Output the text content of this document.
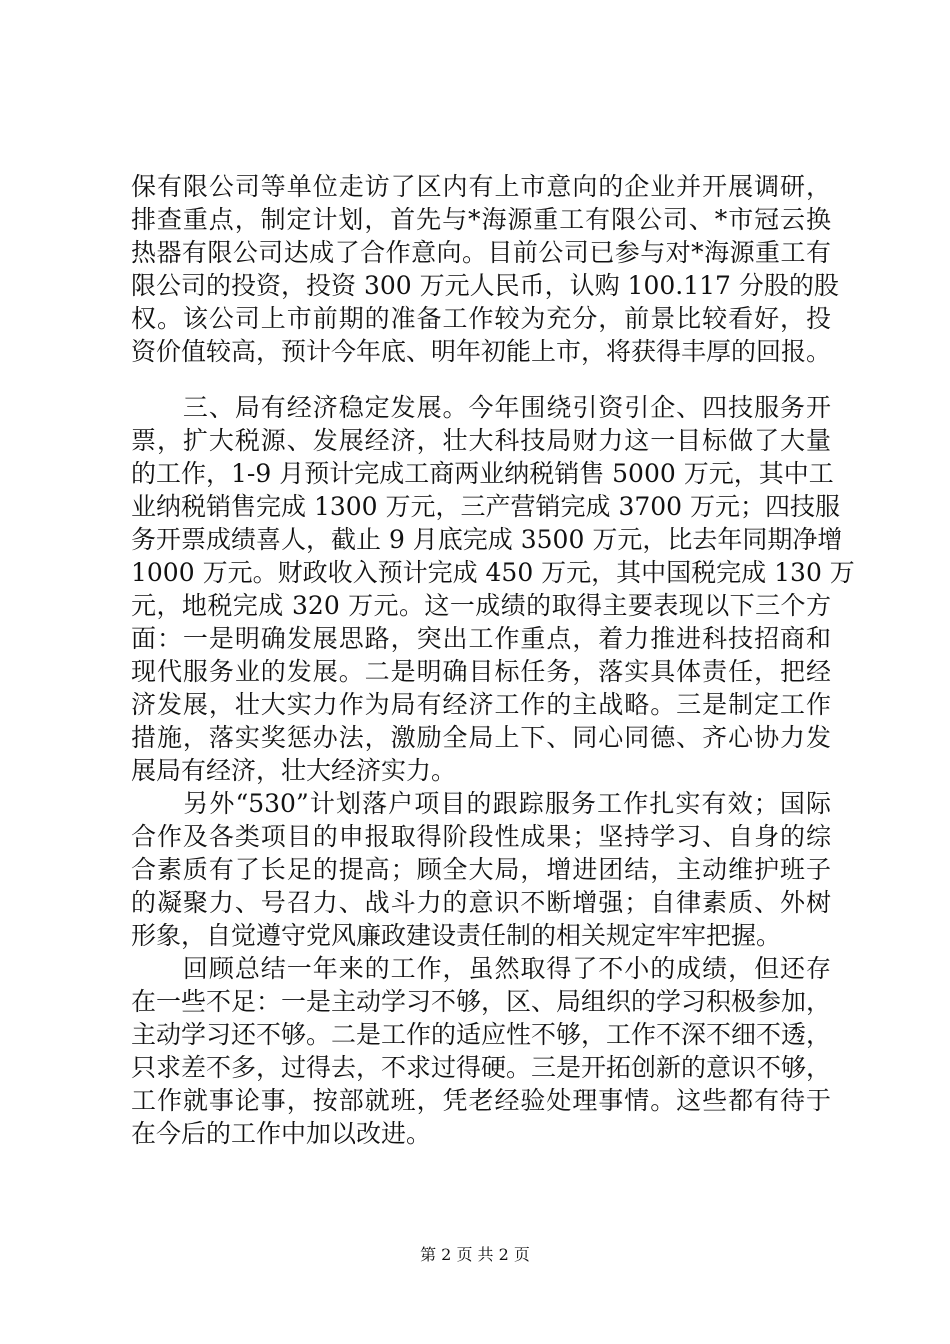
保有限公司等单位走访了区内有上市意向的企业并开展调研，
排查重点，制定计划，首先与*海源重工有限公司、*市冠云换
热器有限公司达成了合作意向。目前公司已参与对*海源重工有
限公司的投资，投资 300 万元人民币，认购 100.117 分股的股
权。该公司上市前期的准备工作较为充分，前景比较看好，投
资价值较高，预计今年底、明年初能上市，将获得丰厚的回报。
　　三、局有经济稳定发展。今年围绕引资引企、四技服务开
票，扩大税源、发展经济，壮大科技局财力这一目标做了大量
的工作，1-9 月预计完成工商两业纳税销售 5000 万元，其中工
业纳税销售完成 1300 万元，三产营销完成 3700 万元；四技服
务开票成绩喜人，截止 9 月底完成 3500 万元，比去年同期净增
1000 万元。财政收入预计完成 450 万元，其中国税完成 130 万
元，地税完成 320 万元。这一成绩的取得主要表现以下三个方
面：一是明确发展思路，突出工作重点，着力推进科技招商和
现代服务业的发展。二是明确目标任务，落实具体责任，把经
济发展，壮大实力作为局有经济工作的主战略。三是制定工作
措施，落实奖惩办法，激励全局上下、同心同德、齐心协力发
展局有经济，壮大经济实力。
　　另外“530”计划落户项目的跟踪服务工作扎实有效；国际
合作及各类项目的申报取得阶段性成果；坚持学习、自身的综
合素质有了长足的提高；顾全大局，增进团结，主动维护班子
的凝聚力、号召力、战斗力的意识不断增强；自律素质、外树
形象，自觉遵守党风廉政建设责任制的相关规定牢牢把握。
　　回顾总结一年来的工作，虽然取得了不小的成绩，但还存
在一些不足：一是主动学习不够，区、局组织的学习积极参加，
主动学习还不够。二是工作的适应性不够，工作不深不细不透，
只求差不多，过得去，不求过得硬。三是开拓创新的意识不够，
工作就事论事，按部就班，凭老经验处理事情。这些都有待于
在今后的工作中加以改进。
第 2 页 共 2 页
